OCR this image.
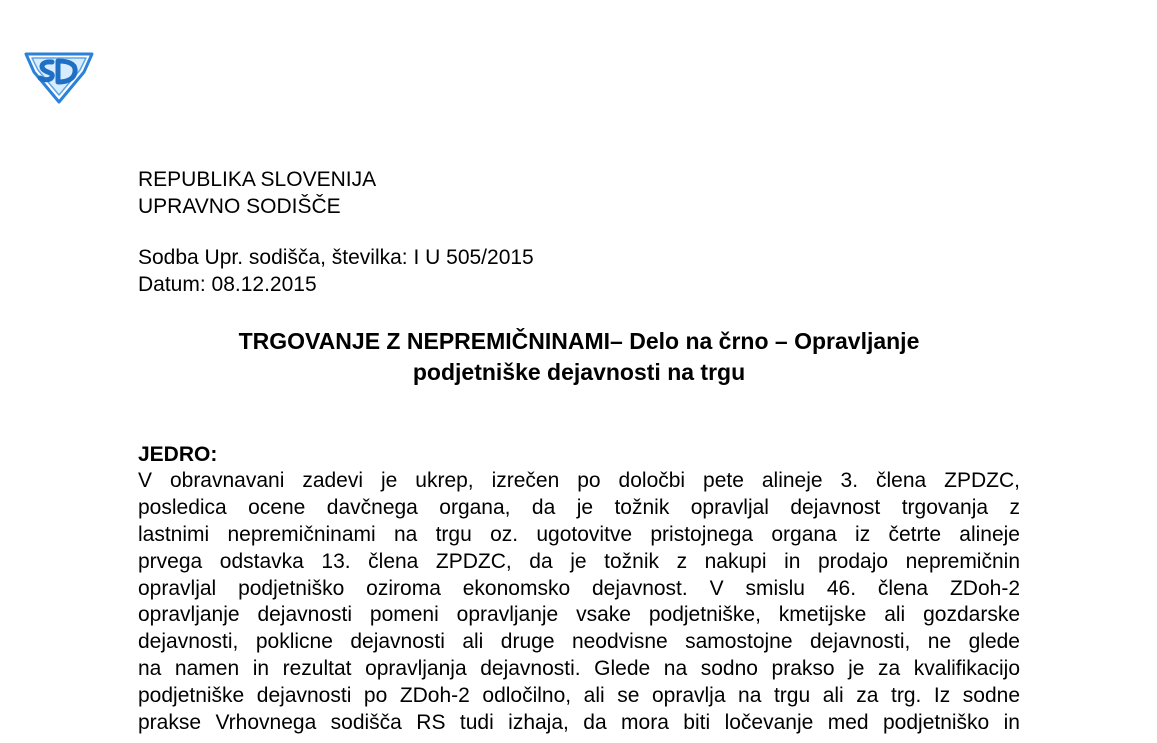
REPUBLIKA SLOVENIJA
UPRAVNO SODIŠČE
Sodba Upr. sodišča, številka: I U 505/2015
Datum: 08.12.2015
TRGOVANJE Z NEPREMIČNINAMI– Delo na črno – Opravljanje
podjetniške dejavnosti na trgu
JEDRO:
V obravnavani zadevi je ukrep, izrečen po določbi pete alineje 3. člena ZPDZC,
posledica ocene davčnega organa, da je tožnik opravljal dejavnost trgovanja z
lastnimi nepremičninami na trgu oz. ugotovitve pristojnega organa iz četrte alineje
prvega odstavka 13. člena ZPDZC, da je tožnik z nakupi in prodajo nepremičnin
opravljal podjetniško oziroma ekonomsko dejavnost. V smislu 46. člena ZDoh-2
opravljanje dejavnosti pomeni opravljanje vsake podjetniške, kmetijske ali gozdarske
dejavnosti, poklicne dejavnosti ali druge neodvisne samostojne dejavnosti, ne glede
na namen in rezultat opravljanja dejavnosti. Glede na sodno prakso je za kvalifikacijo
podjetniške dejavnosti po ZDoh-2 odločilno, ali se opravlja na trgu ali za trg. Iz sodne
prakse Vrhovnega sodišča RS tudi izhaja, da mora biti ločevanje med podjetniško in
